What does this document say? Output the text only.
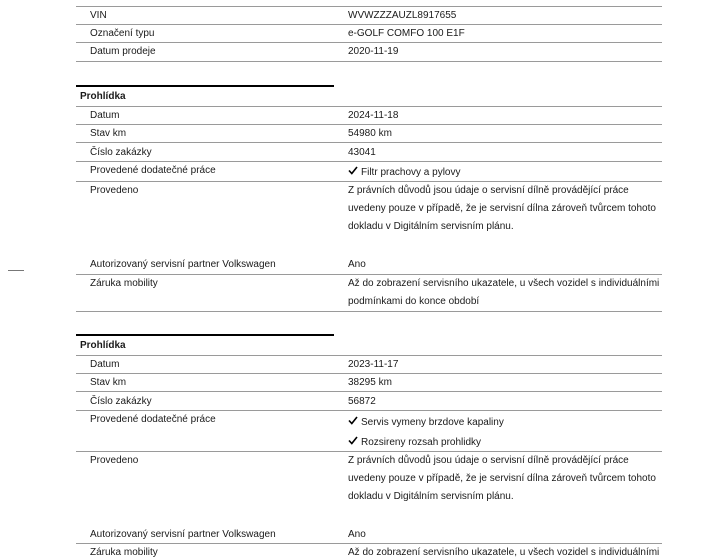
VIN	WVWZZZAUZL8917655
Označení typu	e-GOLF COMFO 100 E1F
Datum prodeje	2020-11-19
Prohlídka
Datum	2024-11-18
Stav km	54980 km
Číslo zakázky	43041
Provedené dodatečné práce	Filtr prachovy a pylovy
Provedeno	Z právních důvodů jsou údaje o servisní dílně provádějící práce uvedeny pouze v případě, že je servisní dílna zároveň tvůrcem tohoto dokladu v Digitálním servisním plánu.
Autorizovaný servisní partner Volkswagen	Ano
Záruka mobility	Až do zobrazení servisního ukazatele, u všech vozidel s individuálními podmínkami do konce období
Prohlídka
Datum	2023-11-17
Stav km	38295 km
Číslo zakázky	56872
Provedené dodatečné práce	Servis vymeny brzdove kapaliny
Rozsireny rozsah prohlidky
Provedeno	Z právních důvodů jsou údaje o servisní dílně provádějící práce uvedeny pouze v případě, že je servisní dílna zároveň tvůrcem tohoto dokladu v Digitálním servisním plánu.
Autorizovaný servisní partner Volkswagen	Ano
Záruka mobility	Až do zobrazení servisního ukazatele, u všech vozidel s individuálními
